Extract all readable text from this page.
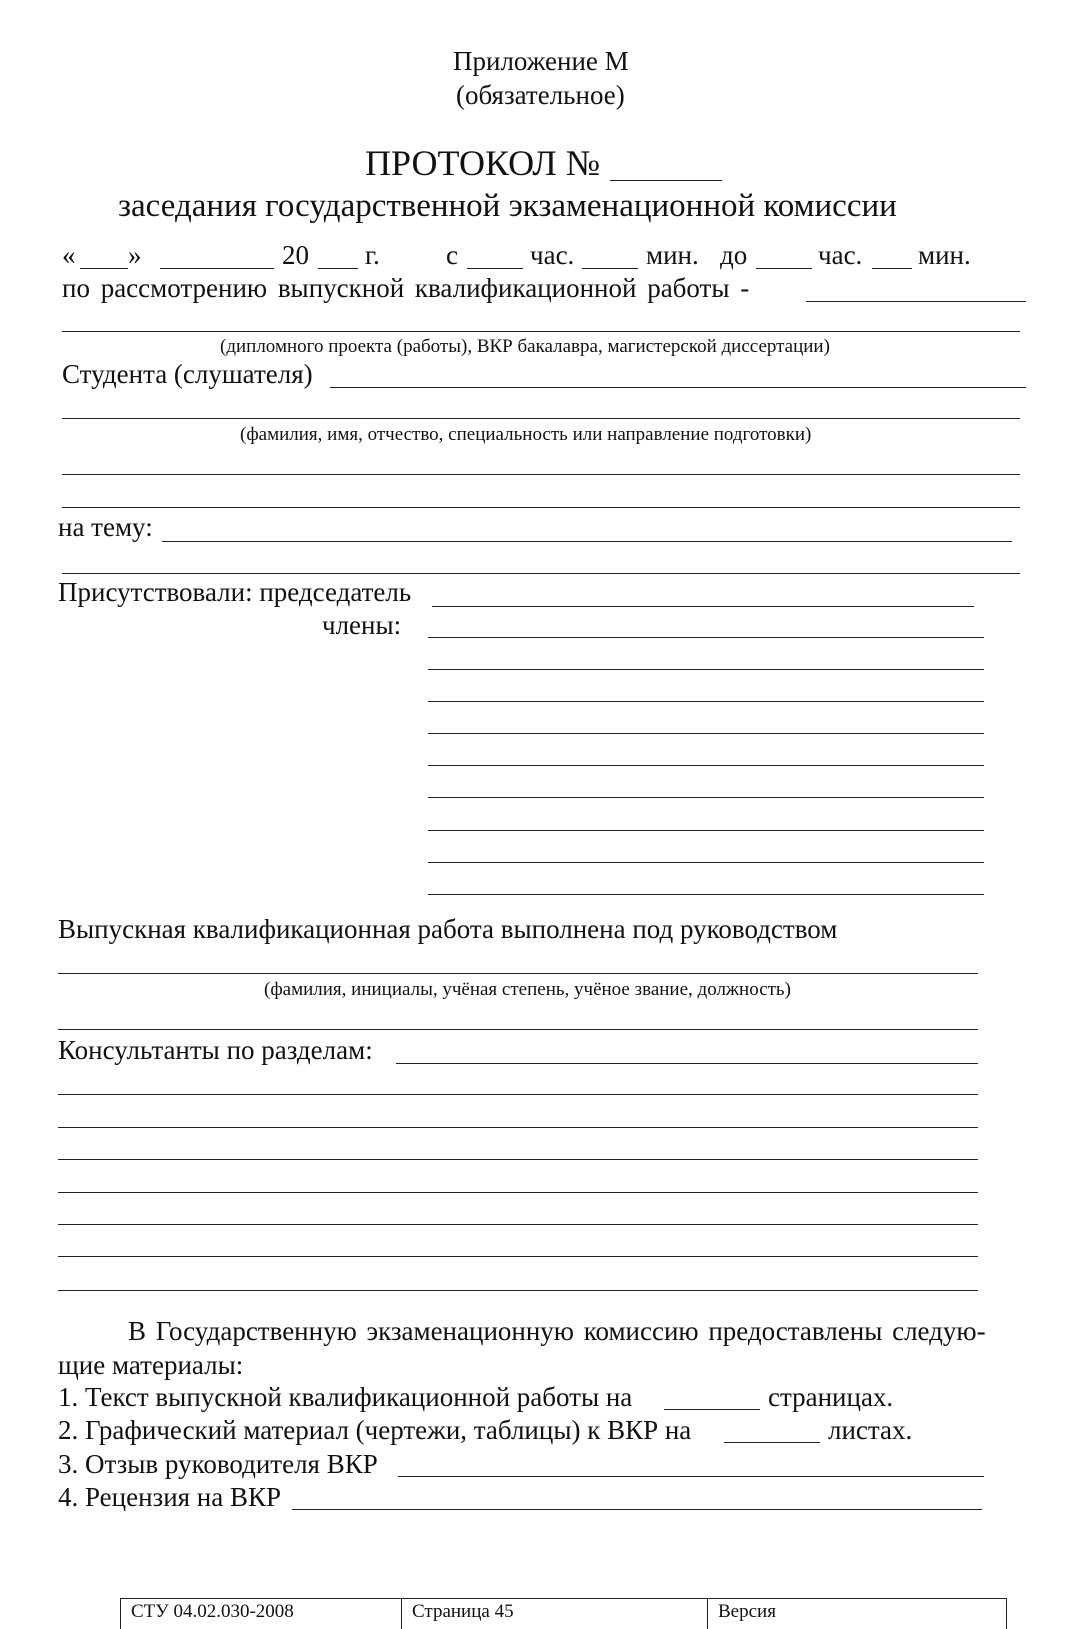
Приложение М
(обязательное)
ПРОТОКОЛ №
заседания государственной экзаменационной комиссии
« »	20 г. с	час.	мин. до	час. мин.
по рассмотрению выпускной квалификационной работы -
(дипломного проекта (работы), ВКР бакалавра, магистерской диссертации)
Студента (слушателя)
(фамилия, имя, отчество, специальность или направление подготовки)
на тему:
Присутствовали: председатель
члены:
Выпускная квалификационная работа выполнена под руководством
(фамилия, инициалы, учёная степень, учёное звание, должность)
Консультанты по разделам:
В Государственную экзаменационную комиссию предоставлены следую-
щие материалы:
1. Текст выпускной квалификационной работы на	страницах.
2. Графический материал (чертежи, таблицы) к ВКР на	листах.
3. Отзыв руководителя ВКР
4. Рецензия на ВКР
СТУ 04.02.030-2008	Страница 45	Версия
